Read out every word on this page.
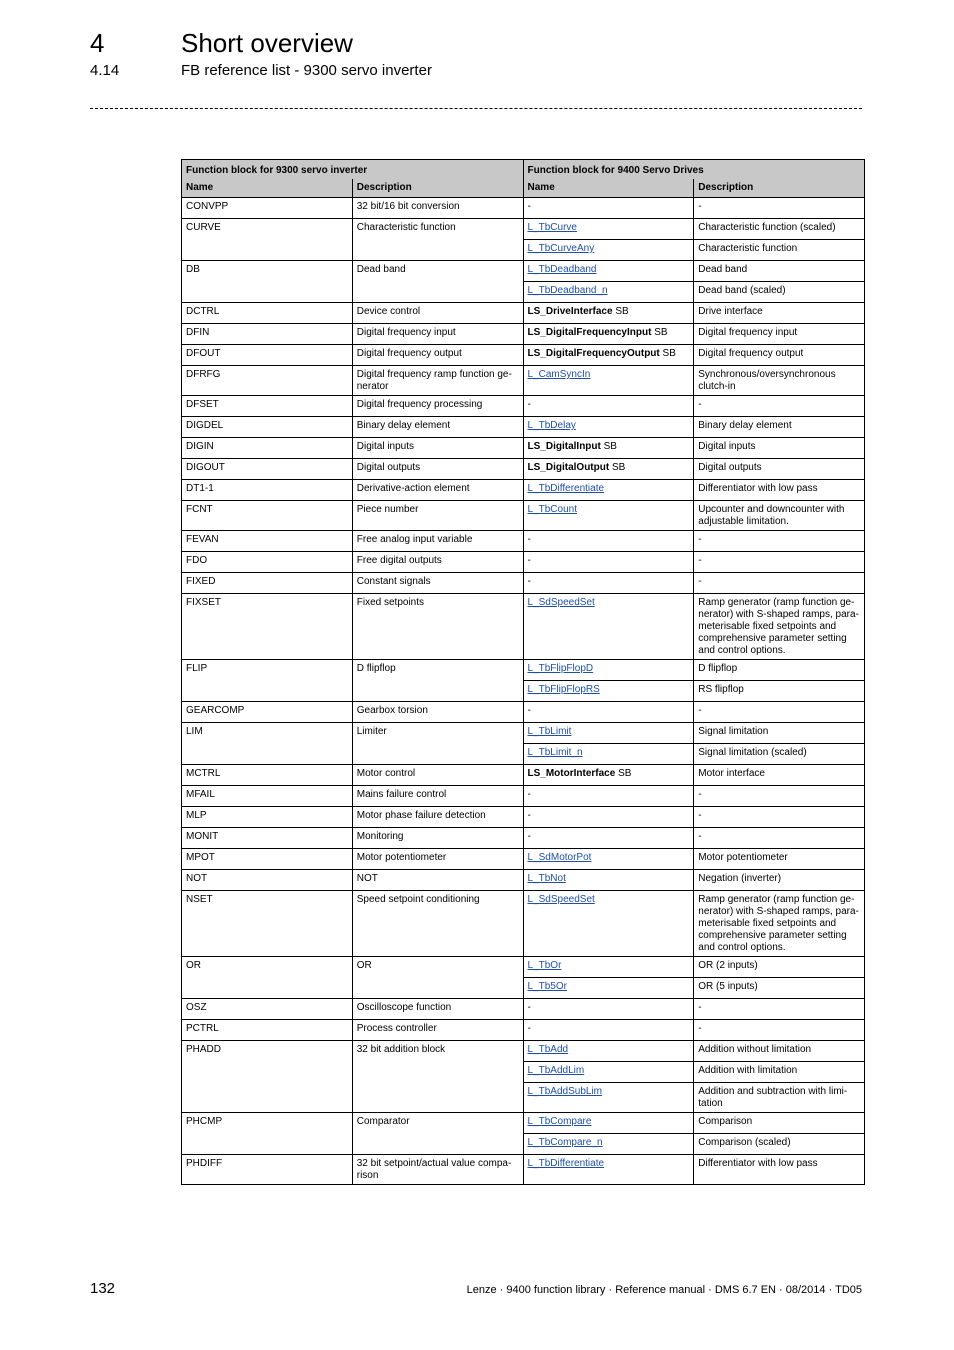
4	Short overview
4.14	FB reference list - 9300 servo inverter
Function block for 9300 servo inverter		Function block for 9400 Servo Drives	
Name	Description	Name	Description
CONVPP	32 bit/16 bit conversion	-	-
CURVE	Characteristic function	L_TbCurve	Characteristic function (scaled)
		L_TbCurveAny	Characteristic function
DB	Dead band	L_TbDeadband	Dead band
		L_TbDeadband_n	Dead band (scaled)
DCTRL	Device control	LS_DriveInterface SB	Drive interface
DFIN	Digital frequency input	LS_DigitalFrequencyInput SB	Digital frequency input
DFOUT	Digital frequency output	LS_DigitalFrequencyOutput SB	Digital frequency output
DFRFG	Digital frequency ramp function ge-nerator	L_CamSyncIn	Synchronous/oversynchronous clutch-in
DFSET	Digital frequency processing	-	-
DIGDEL	Binary delay element	L_TbDelay	Binary delay element
DIGIN	Digital inputs	LS_DigitalInput SB	Digital inputs
DIGOUT	Digital outputs	LS_DigitalOutput SB	Digital outputs
DT1-1	Derivative-action element	L_TbDifferentiate	Differentiator with low pass
FCNT	Piece number	L_TbCount	Upcounter and downcounter with adjustable limitation.
FEVAN	Free analog input variable	-	-
FDO	Free digital outputs	-	-
FIXED	Constant signals	-	-
FIXSET	Fixed setpoints	L_SdSpeedSet	Ramp generator (ramp function ge-nerator) with S-shaped ramps, para-meterisable fixed setpoints and comprehensive parameter setting and control options.
FLIP	D flipflop	L_TbFlipFlopD	D flipflop
		L_TbFlipFlopRS	RS flipflop
GEARCOMP	Gearbox torsion	-	-
LIM	Limiter	L_TbLimit	Signal limitation
		L_TbLimit_n	Signal limitation (scaled)
MCTRL	Motor control	LS_MotorInterface SB	Motor interface
MFAIL	Mains failure control	-	-
MLP	Motor phase failure detection	-	-
MONIT	Monitoring	-	-
MPOT	Motor potentiometer	L_SdMotorPot	Motor potentiometer
NOT	NOT	L_TbNot	Negation (inverter)
NSET	Speed setpoint conditioning	L_SdSpeedSet	Ramp generator (ramp function ge-nerator) with S-shaped ramps, para-meterisable fixed setpoints and comprehensive parameter setting and control options.
OR	OR	L_TbOr	OR (2 inputs)
		L_Tb5Or	OR (5 inputs)
OSZ	Oscilloscope function	-	-
PCTRL	Process controller	-	-
PHADD	32 bit addition block	L_TbAdd	Addition without limitation
		L_TbAddLim	Addition with limitation
		L_TbAddSubLim	Addition and subtraction with limi-tation
PHCMP	Comparator	L_TbCompare	Comparison
		L_TbCompare_n	Comparison (scaled)
PHDIFF	32 bit setpoint/actual value compa-rison	L_TbDifferentiate	Differentiator with low pass
132	Lenze · 9400 function library · Reference manual · DMS 6.7 EN · 08/2014 · TD05
